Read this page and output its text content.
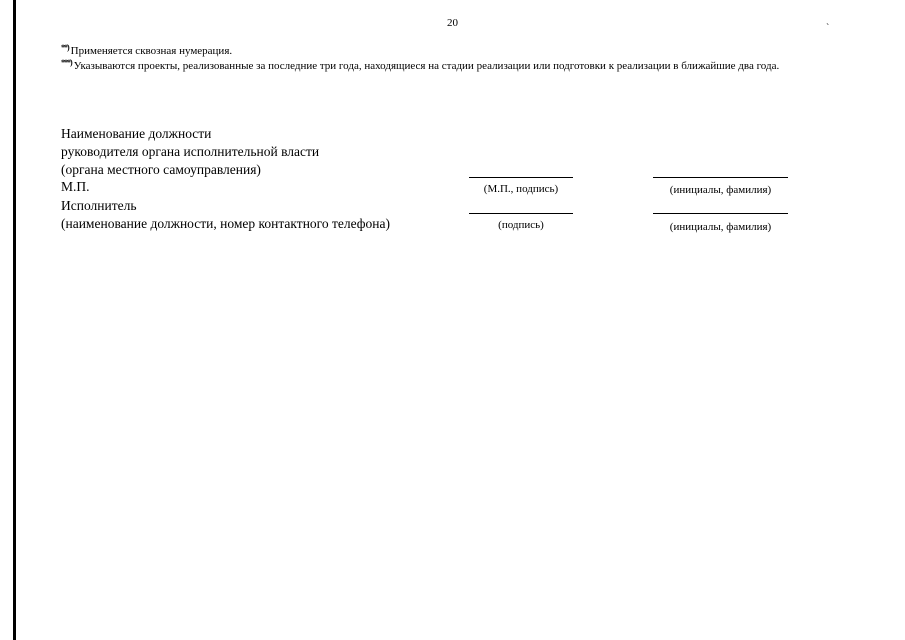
20	`
**) Применяется сквозная нумерация.
***) Указываются проекты, реализованные за последние три года, находящиеся на стадии реализации или подготовки к реализации в ближайшие два года.
Наименование должности
руководителя органа исполнительной власти
(органа местного самоуправления)
М.П.	(М.П., подпись)	(инициалы, фамилия)
Исполнитель
(наименование должности, номер контактного телефона)	(подпись)	(инициалы, фамилия)
